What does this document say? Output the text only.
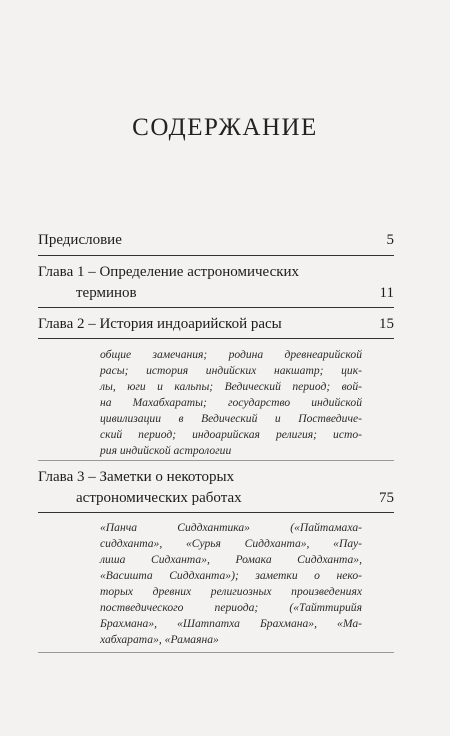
СОДЕРЖАНИЕ
Предисловие	5
Глава 1 – Определение астрономических
терминов	11
Глава 2 – История индоарийской расы	15
общие замечания; родина древнеарийской
расы; история индийских накшатр; цик-
лы, юги и кальпы; Ведический период; вой-
на Махабхараты; государство индийской
цивилизации в Ведический и Постведиче-
ский период; индоарийская религия; исто-
рия индийской астрологии
Глава 3 – Заметки о некоторых
астрономических работах	75
«Панча Сиддхантика» («Пайтамаха-
сиддханта», «Сурья Сиддханта», «Пау-
лиша Сидханта», Ромака Сиддханта»,
«Васишта Сиддханта»); заметки о неко-
торых древних религиозных произведениях
постведического периода; («Тайттирийя
Брахмана», «Шатпатха Брахмана», «Ма-
хабхарата», «Рамаяна»
